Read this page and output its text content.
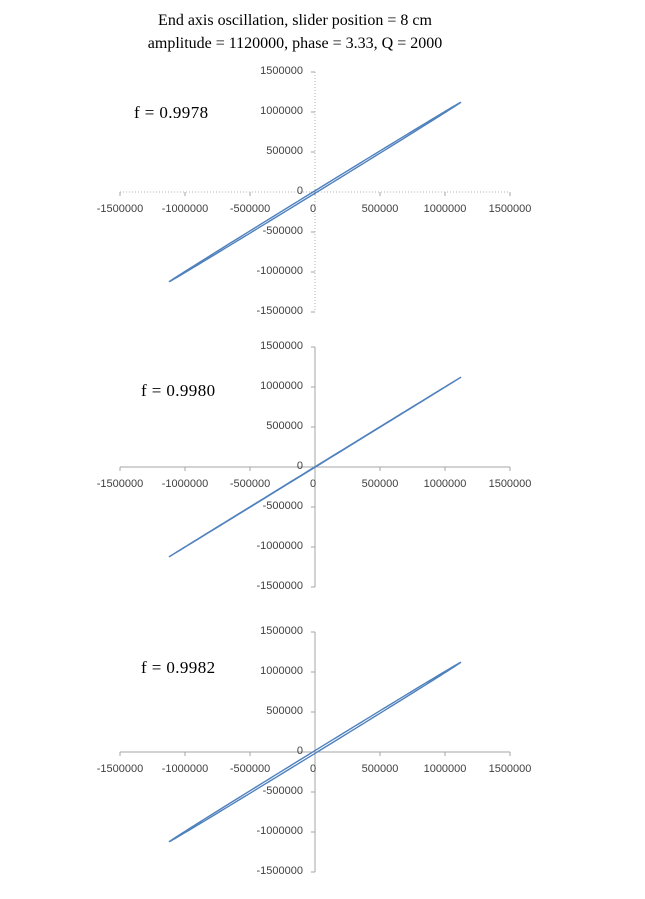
End axis oscillation, slider position = 8 cm
amplitude = 1120000, phase = 3.33, Q = 2000
-1500000	-1000000	-500000	0	500000	1000000	1500000
1500000
1000000
500000
0
-500000
-1000000
-1500000
f = 0.9978
-1500000	-1000000	-500000	0	500000	1000000	1500000
1500000
1000000
500000
0
-500000
-1000000
-1500000
f = 0.9980
-1500000	-1000000	-500000	0	500000	1000000	1500000
1500000
1000000
500000
0
-500000
-1000000
-1500000
f = 0.9982
